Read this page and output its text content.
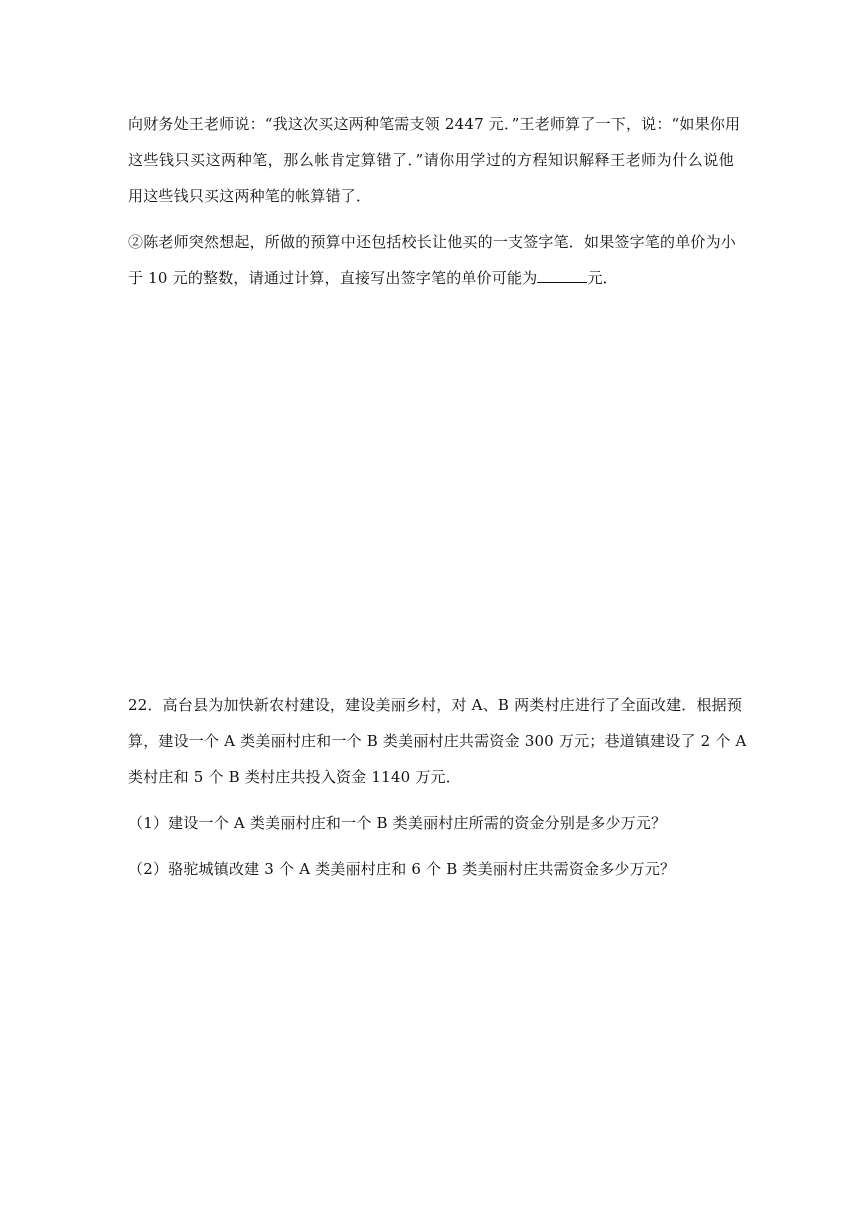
向财务处王老师说：“我这次买这两种笔需支领 2447 元．”王老师算了一下，说：“如果你用
这些钱只买这两种笔，那么帐肯定算错了．”请你用学过的方程知识解释王老师为什么说他
用这些钱只买这两种笔的帐算错了．
②陈老师突然想起，所做的预算中还包括校长让他买的一支签字笔．如果签字笔的单价为小
于 10 元的整数，请通过计算，直接写出签字笔的单价可能为	元．
22．高台县为加快新农村建设，建设美丽乡村，对 A、B 两类村庄进行了全面改建．根据预
算，建设一个 A 类美丽村庄和一个 B 类美丽村庄共需资金 300 万元；巷道镇建设了 2 个 A
类村庄和 5 个 B 类村庄共投入资金 1140 万元．
（1）建设一个 A 类美丽村庄和一个 B 类美丽村庄所需的资金分别是多少万元？
（2）骆驼城镇改建 3 个 A 类美丽村庄和 6 个 B 类美丽村庄共需资金多少万元？
